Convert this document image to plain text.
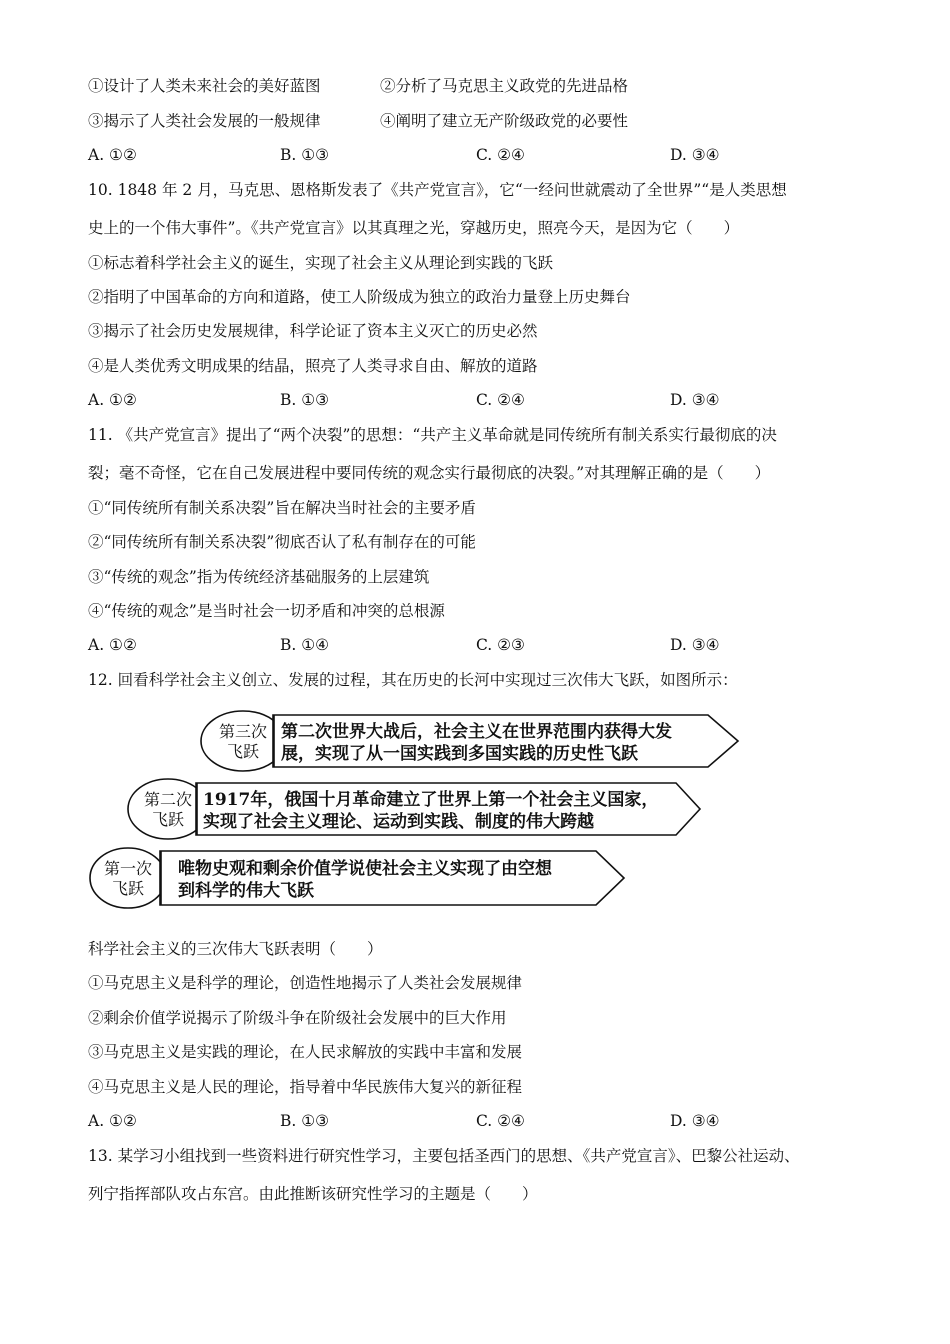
①设计了人类未来社会的美好蓝图	②分析了马克思主义政党的先进品格
③揭示了人类社会发展的一般规律	④阐明了建立无产阶级政党的必要性
A. ①②	B. ①③	C. ②④	D. ③④
10. 1848 年 2 月，马克思、恩格斯发表了《共产党宣言》，它“一经问世就震动了全世界”“是人类思想
史上的一个伟大事件”。《共产党宣言》以其真理之光，穿越历史，照亮今天，是因为它（　　）
①标志着科学社会主义的诞生，实现了社会主义从理论到实践的飞跃
②指明了中国革命的方向和道路，使工人阶级成为独立的政治力量登上历史舞台
③揭示了社会历史发展规律，科学论证了资本主义灭亡的历史必然
④是人类优秀文明成果的结晶，照亮了人类寻求自由、解放的道路
A. ①②	B. ①③	C. ②④	D. ③④
11. 《共产党宣言》提出了“两个决裂”的思想：“共产主义革命就是同传统所有制关系实行最彻底的决
裂；毫不奇怪，它在自己发展进程中要同传统的观念实行最彻底的决裂。”对其理解正确的是（　　）
①“同传统所有制关系决裂”旨在解决当时社会的主要矛盾
②“同传统所有制关系决裂”彻底否认了私有制存在的可能
③“传统的观念”指为传统经济基础服务的上层建筑
④“传统的观念”是当时社会一切矛盾和冲突的总根源
A. ①②	B. ①④	C. ②③	D. ③④
12. 回看科学社会主义创立、发展的过程，其在历史的长河中实现过三次伟大飞跃，如图所示：
第三次
飞跃
第二次世界大战后，社会主义在世界范围内获得大发
展，实现了从一国实践到多国实践的历史性飞跃
第二次
飞跃
1917年，俄国十月革命建立了世界上第一个社会主义国家，
实现了社会主义理论、运动到实践、制度的伟大跨越
第一次
飞跃
唯物史观和剩余价值学说使社会主义实现了由空想
到科学的伟大飞跃
科学社会主义的三次伟大飞跃表明（　　）
①马克思主义是科学的理论，创造性地揭示了人类社会发展规律
②剩余价值学说揭示了阶级斗争在阶级社会发展中的巨大作用
③马克思主义是实践的理论，在人民求解放的实践中丰富和发展
④马克思主义是人民的理论，指导着中华民族伟大复兴的新征程
A. ①②	B. ①③	C. ②④	D. ③④
13. 某学习小组找到一些资料进行研究性学习，主要包括圣西门的思想、《共产党宣言》、巴黎公社运动、
列宁指挥部队攻占东宫。由此推断该研究性学习的主题是（　　）
